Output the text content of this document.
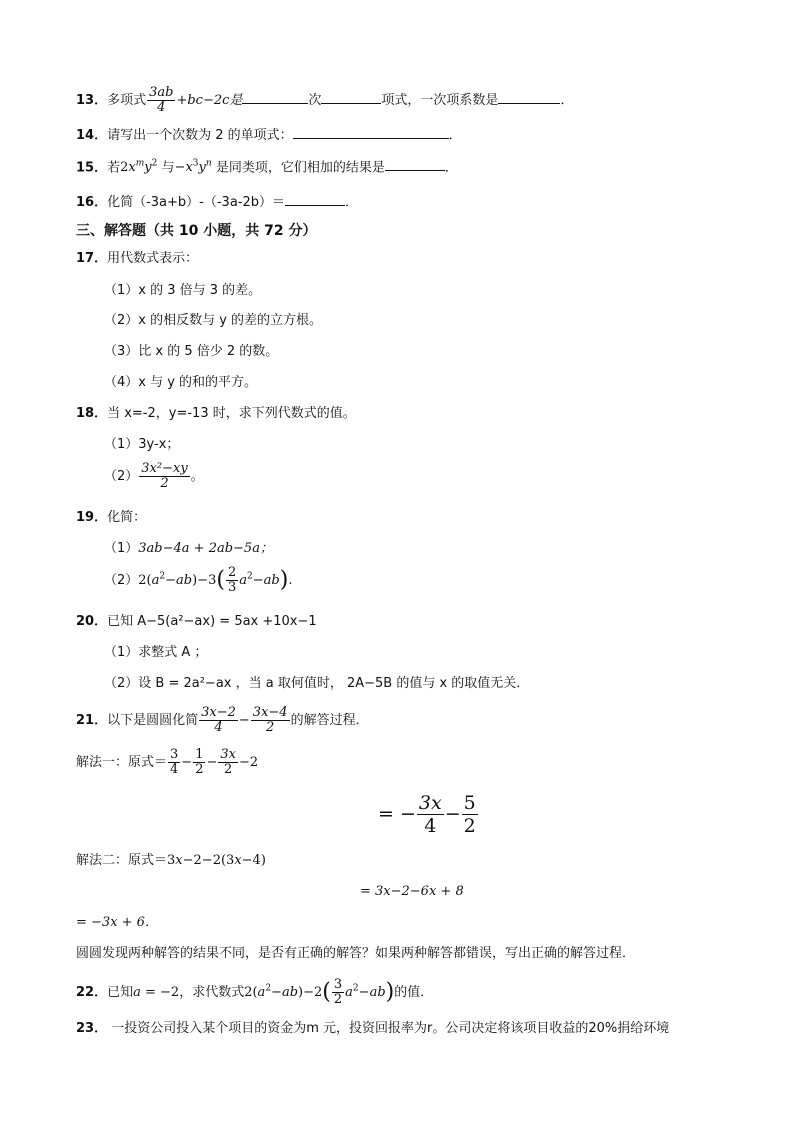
13．多项式 $\frac{3ab}{4} +bc-2c$是	次	项式，一次项系数是	．
14．请写出一个次数为 2 的单项式：	．
15．若$2x^my^2$ 与$-x^3y^n$ 是同类项，它们相加的结果是	．
16．化简（-3a+b）-（-3a-2b）＝	．
三、解答题（共 10 小题，共 72 分）
17．用代数式表示：
（1）x 的 3 倍与 3 的差。
（2）x 的相反数与 y 的差的立方根。
（3）比 x 的 5 倍少 2 的数。
（4）x 与 y 的和的平方。
18．当 x=-2，y=-13 时，求下列代数式的值。
（1）3y-x；
$(2) \frac{\text{3x²−xy}}{2}$ 。
19．化简：
（1）3ab−4a + 2ab−5a；
$(2)2(a^2-ab)-3( \frac{2}{3} a^2-ab)$.
20．已知 A−5(a²−ax) = 5ax +10x−1
（1）求整式 A ；
（2）设 B = 2a²−ax ，当 a 取何值时， 2A−5B 的值与 x 的取值无关．
21．以下是圆圆化简 $\frac{3x-2}{4} - \frac{3x-4}{2}$ 的解答过程．
解法一：原式＝ $\frac{3}{4} - \frac{1}{2} - \frac{3x}{2} -2$
= − $\frac{3x}{4} - \frac{5}{2}$
解法二：原式＝3x−2−2(3x−4)
= 3x−2−6x + 8
= −3x + 6．
圆圆发现两种解答的结果不同，是否有正确的解答？如果两种解答都错误，写出正确的解答过程．
22．已知a = −2，求代数式$2(a^2-ab)-2( \frac{3}{2} a^2-ab)$的值．
23． 一投资公司投入某个项目的资金为m 元，投资回报率为r。公司决定将该项目收益的20%捐给环境
